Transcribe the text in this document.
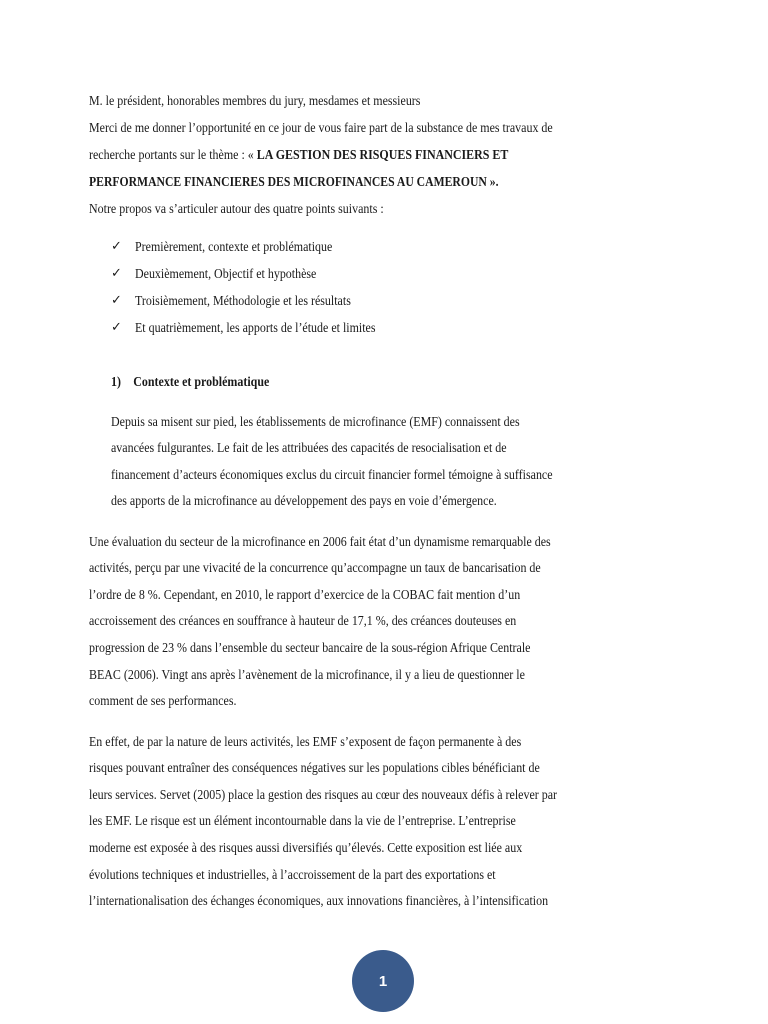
M. le président, honorables membres du jury, mesdames et messieurs
Merci de me donner l’opportunité en ce jour de vous faire part de la substance de mes travaux de
recherche portants sur le thème : « LA GESTION DES RISQUES FINANCIERS ET
PERFORMANCE FINANCIERES DES MICROFINANCES AU CAMEROUN ».
Notre propos va s’articuler autour des quatre points suivants :
✓ Premièrement, contexte et problématique
✓ Deuxièmement, Objectif et hypothèse
✓ Troisièmement, Méthodologie et les résultats
✓ Et quatrièmement, les apports de l’étude et limites
1) Contexte et problématique
Depuis sa misent sur pied, les établissements de microfinance (EMF) connaissent des
avancées fulgurantes. Le fait de les attribuées des capacités de resocialisation et de
financement d’acteurs économiques exclus du circuit financier formel témoigne à suffisance
des apports de la microfinance au développement des pays en voie d’émergence.
Une évaluation du secteur de la microfinance en 2006 fait état d’un dynamisme remarquable des
activités, perçu par une vivacité de la concurrence qu’accompagne un taux de bancarisation de
l’ordre de 8 %. Cependant, en 2010, le rapport d’exercice de la COBAC fait mention d’un
accroissement des créances en souffrance à hauteur de 17,1 %, des créances douteuses en
progression de 23 % dans l’ensemble du secteur bancaire de la sous-région Afrique Centrale
BEAC (2006). Vingt ans après l’avènement de la microfinance, il y a lieu de questionner le
comment de ses performances.
En effet, de par la nature de leurs activités, les EMF s’exposent de façon permanente à des
risques pouvant entraîner des conséquences négatives sur les populations cibles bénéficiant de
leurs services. Servet (2005) place la gestion des risques au cœur des nouveaux défis à relever par
les EMF. Le risque est un élément incontournable dans la vie de l’entreprise. L’entreprise
moderne est exposée à des risques aussi diversifiés qu’élevés. Cette exposition est liée aux
évolutions techniques et industrielles, à l’accroissement de la part des exportations et
l’internationalisation des échanges économiques, aux innovations financières, à l’intensification
1
